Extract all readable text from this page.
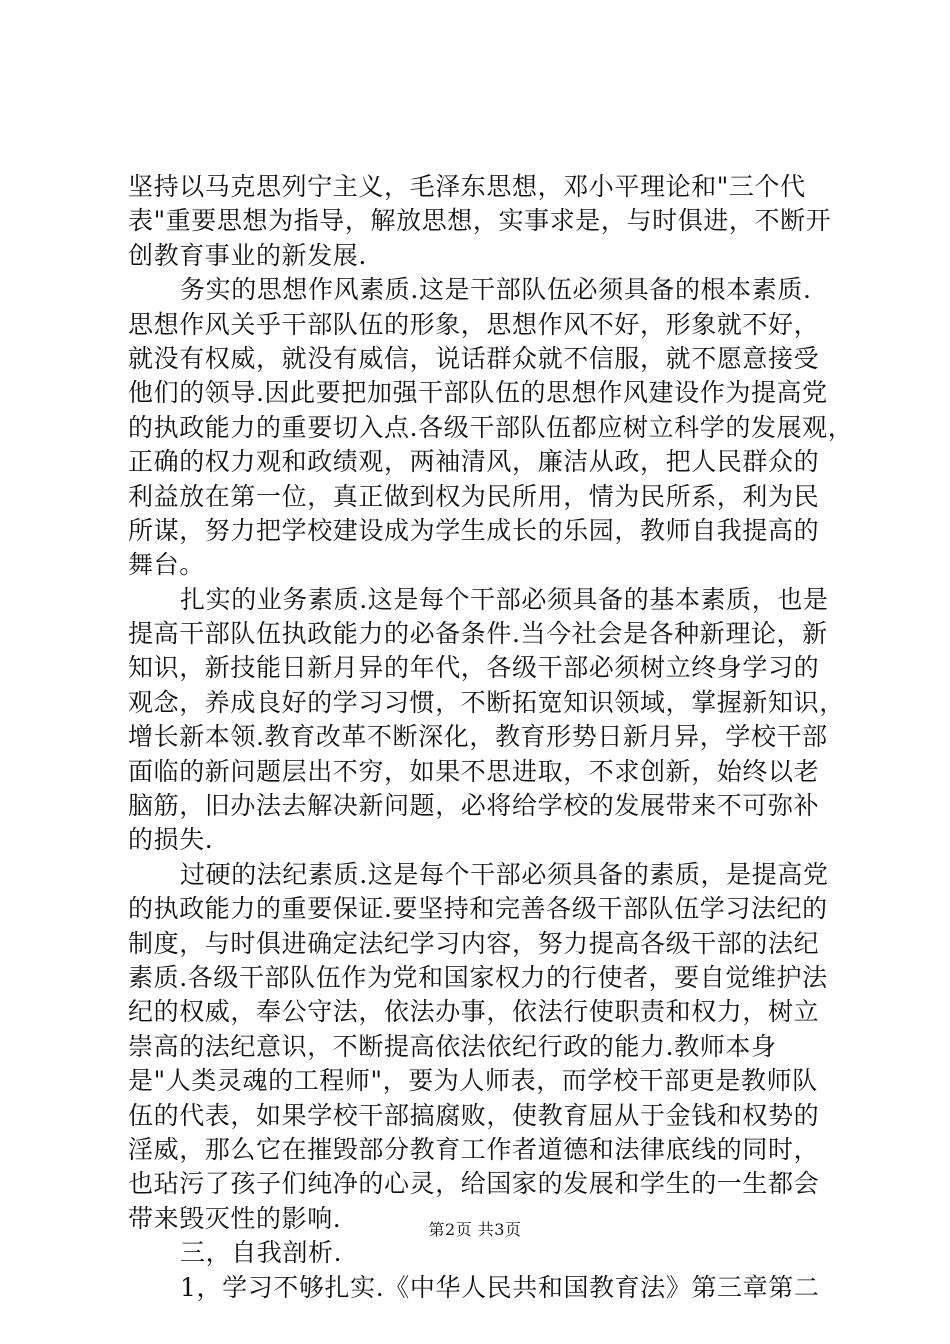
坚持以马克思列宁主义，毛泽东思想，邓小平理论和"三个代
表"重要思想为指导，解放思想，实事求是，与时俱进，不断开
创教育事业的新发展.
务实的思想作风素质.这是干部队伍必须具备的根本素质.
思想作风关乎干部队伍的形象，思想作风不好，形象就不好，
就没有权威，就没有威信，说话群众就不信服，就不愿意接受
他们的领导.因此要把加强干部队伍的思想作风建设作为提高党
的执政能力的重要切入点.各级干部队伍都应树立科学的发展观，
正确的权力观和政绩观，两袖清风，廉洁从政，把人民群众的
利益放在第一位，真正做到权为民所用，情为民所系，利为民
所谋，努力把学校建设成为学生成长的乐园，教师自我提高的
舞台。
扎实的业务素质.这是每个干部必须具备的基本素质，也是
提高干部队伍执政能力的必备条件.当今社会是各种新理论，新
知识，新技能日新月异的年代，各级干部必须树立终身学习的
观念，养成良好的学习习惯，不断拓宽知识领域，掌握新知识，
增长新本领.教育改革不断深化，教育形势日新月异，学校干部
面临的新问题层出不穷，如果不思进取，不求创新，始终以老
脑筋，旧办法去解决新问题，必将给学校的发展带来不可弥补
的损失.
过硬的法纪素质.这是每个干部必须具备的素质，是提高党
的执政能力的重要保证.要坚持和完善各级干部队伍学习法纪的
制度，与时俱进确定法纪学习内容，努力提高各级干部的法纪
素质.各级干部队伍作为党和国家权力的行使者，要自觉维护法
纪的权威，奉公守法，依法办事，依法行使职责和权力，树立
崇高的法纪意识，不断提高依法依纪行政的能力.教师本身
是"人类灵魂的工程师"，要为人师表，而学校干部更是教师队
伍的代表，如果学校干部搞腐败，使教育屈从于金钱和权势的
淫威，那么它在摧毁部分教育工作者道德和法律底线的同时，
也玷污了孩子们纯净的心灵，给国家的发展和学生的一生都会
带来毁灭性的影响.
三，自我剖析.
1，学习不够扎实.《中华人民共和国教育法》第三章第二
第2页 共3页
